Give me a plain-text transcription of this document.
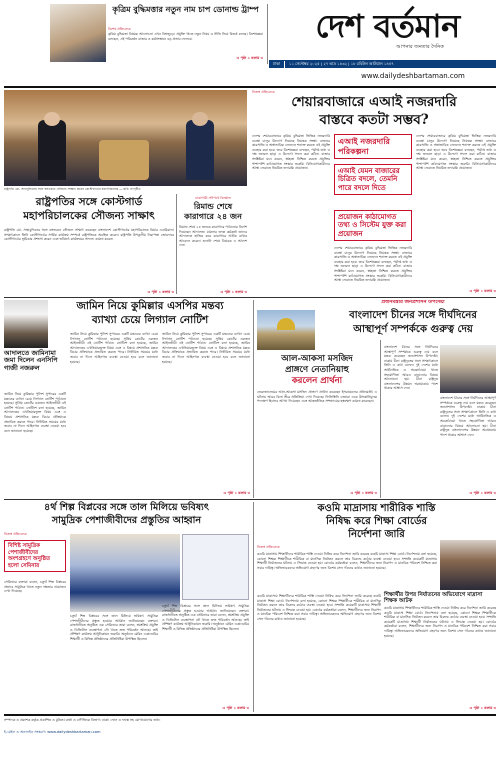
কৃত্রিম বুদ্ধিমত্তার নতুন নাম চাপ ডোনাল্ড ট্রাম্প
বিশেষ প্রতিবেদক
কৃত্রিম বুদ্ধিমত্তা বিষয়ক আলোচনা এখন বিশ্বজুড়ে। প্রযুক্তি খাতে নতুন নিয়ম ও নীতি নিয়ে বিতর্ক চলছে। বিশেষজ্ঞরা বলছেন, এই পরিবর্তন বাজার ও কর্মসংস্থানে বড় প্রভাব ফেলবে।
এ পৃষ্ঠা ২ কলাম ৩
দেশ বর্তমান
আপনার জনতার দৈনিক
ঢাকা	১১ সেপ্টেম্বর ২০২৫ | ২৭ ভাদ্র ১৪৩২ | ১৮ রবিউল আউয়াল ১৪৪৭
www.dailydeshbartaman.com
রাষ্ট্রপতি মো. সাহাবুদ্দিনের সঙ্গে বঙ্গভবনে সৌজন্য সাক্ষাৎ করেন কোস্টগার্ডের মহাপরিচালক — ছবি: সংগৃহীত
নিজস্ব প্রতিবেদক
শেয়ারবাজারে এআই নজরদারি
বাস্তবে কতটা সম্ভব?
দেশের শেয়ারবাজারে কৃত্রিম বুদ্ধিমত্তা ভিত্তিক নজরদারি ব্যবস্থা চালুর উদ্যোগ নিয়েছে নিয়ন্ত্রক সংস্থা। বাজারে কারসাজি ও অস্বাভাবিক লেনদেন শনাক্ত করতে এই প্রযুক্তি ব্যবহার করা হবে। তবে বিশেষজ্ঞরা বলছেন, পর্যাপ্ত তথ্য ও দক্ষ জনবল ছাড়া এ উদ্যোগ সফল করা কঠিন। বাজার সংশ্লিষ্টরা মনে করেন, স্বচ্ছতা নিশ্চিত করতে প্রযুক্তির পাশাপাশি কাঠামোগত সংস্কার জরুরি। বিনিয়োগকারীদের আস্থা ফেরাতে নিয়মিত তদারকি প্রয়োজন।
এআই নজরদারি পরিকল্পনা
এআই যেমন বাজারের চিত্রিত বদলে, তেমনি পারে বদলে দিতে
প্রয়োজন কাঠামোগত তথ্য ও সিস্টেম যুক্ত করা প্রয়োজন
দেশের শেয়ারবাজারে কৃত্রিম বুদ্ধিমত্তা ভিত্তিক নজরদারি ব্যবস্থা চালুর উদ্যোগ নিয়েছে নিয়ন্ত্রক সংস্থা। বাজারে কারসাজি ও অস্বাভাবিক লেনদেন শনাক্ত করতে এই প্রযুক্তি ব্যবহার করা হবে। তবে বিশেষজ্ঞরা বলছেন, পর্যাপ্ত তথ্য ও দক্ষ জনবল ছাড়া এ উদ্যোগ সফল করা কঠিন। বাজার সংশ্লিষ্টরা মনে করেন, স্বচ্ছতা নিশ্চিত করতে প্রযুক্তির পাশাপাশি কাঠামোগত সংস্কার জরুরি। বিনিয়োগকারীদের আস্থা ফেরাতে নিয়মিত তদারকি প্রয়োজন।
দেশের শেয়ারবাজারে কৃত্রিম বুদ্ধিমত্তা ভিত্তিক নজরদারি ব্যবস্থা চালুর উদ্যোগ নিয়েছে নিয়ন্ত্রক সংস্থা। বাজারে কারসাজি ও অস্বাভাবিক লেনদেন শনাক্ত করতে এই প্রযুক্তি ব্যবহার করা হবে। তবে বিশেষজ্ঞরা বলছেন, পর্যাপ্ত তথ্য ও দক্ষ জনবল ছাড়া এ উদ্যোগ সফল করা কঠিন। বাজার সংশ্লিষ্টরা মনে করেন, স্বচ্ছতা নিশ্চিত করতে প্রযুক্তির পাশাপাশি কাঠামোগত সংস্কার জরুরি। বিনিয়োগকারীদের আস্থা ফেরাতে নিয়মিত তদারকি প্রয়োজন।
এ পৃষ্ঠা ২ কলাম ৩
রাষ্ট্রপতির সঙ্গে কোস্টগার্ড
মহাপরিচালকের সৌজন্য সাক্ষাৎ
রাষ্ট্রপতি মো. সাহাবুদ্দিনের সঙ্গে বঙ্গভবনে সৌজন্য সাক্ষাৎ করেছেন বাংলাদেশ কোস্টগার্ডের মহাপরিচালক রিয়ার এডমিরাল। সাক্ষাৎকালে তিনি কোস্টগার্ডের সার্বিক কার্যক্রম সম্পর্কে রাষ্ট্রপতিকে অবহিত করেন। রাষ্ট্রপতি উপকূলীয় নিরাপত্তা জোরদারে কোস্টগার্ডের ভূমিকার প্রশংসা করেন এবং ভবিষ্যৎ কার্যক্রমের সাফল্য কামনা করেন।
এ পৃষ্ঠা ২ কলাম ৩
ঢাকাগামী নদীপথে বিক্ষোভ
রিমান্ড শেষে
কারাগারে ২৪ জন
রিমান্ড শেষে ২৪ জনকে কারাগারে পাঠানোর নির্দেশ দিয়েছেন আদালত। মামলার তদন্ত কর্মকর্তা তাদের আদালতে হাজির করে কারাগারে আটক রাখার আবেদন করেন। শুনানি শেষে বিচারক এ আদেশ দেন।
এ পৃষ্ঠা ২ কলাম ৩
জামিন নিয়ে কুমিল্লার এসপির মন্তব্য
ব্যাখ্যা চেয়ে লিগ্যাল নোটিশ
আদালতে জামিনামা জমা দিলেন এনসিপি গাজী নজরুল
জামিন নিয়ে কুমিল্লার পুলিশ সুপারের একটি মন্তব্যের ব্যাখ্যা চেয়ে লিগ্যাল নোটিশ পাঠানো হয়েছে। সুপ্রিম কোর্টের একজন আইনজীবী এই নোটিশ পাঠান। নোটিশে বলা হয়েছে, জামিন আদালতের এখতিয়ারভুক্ত বিষয় এবং এ বিষয়ে প্রশাসনিক মন্তব্য বিচার প্রক্রিয়াকে প্রভাবিত করতে পারে। নির্ধারিত সময়ের মধ্যে জবাব না দিলে আইনগত ব্যবস্থা নেওয়া হবে বলে জানানো হয়েছে।
জামিন নিয়ে কুমিল্লার পুলিশ সুপারের একটি মন্তব্যের ব্যাখ্যা চেয়ে লিগ্যাল নোটিশ পাঠানো হয়েছে। সুপ্রিম কোর্টের একজন আইনজীবী এই নোটিশ পাঠান। নোটিশে বলা হয়েছে, জামিন আদালতের এখতিয়ারভুক্ত বিষয় এবং এ বিষয়ে প্রশাসনিক মন্তব্য বিচার প্রক্রিয়াকে প্রভাবিত করতে পারে। নির্ধারিত সময়ের মধ্যে জবাব না দিলে আইনগত ব্যবস্থা নেওয়া হবে বলে জানানো হয়েছে।
জামিন নিয়ে কুমিল্লার পুলিশ সুপারের একটি মন্তব্যের ব্যাখ্যা চেয়ে লিগ্যাল নোটিশ পাঠানো হয়েছে। সুপ্রিম কোর্টের একজন আইনজীবী এই নোটিশ পাঠান। নোটিশে বলা হয়েছে, জামিন আদালতের এখতিয়ারভুক্ত বিষয় এবং এ বিষয়ে প্রশাসনিক মন্তব্য বিচার প্রক্রিয়াকে প্রভাবিত করতে পারে। নির্ধারিত সময়ের মধ্যে জবাব না দিলে আইনগত ব্যবস্থা নেওয়া হবে বলে জানানো হয়েছে।
এ পৃষ্ঠা ২ কলাম ৩
আল-আকসা মসজিদ
প্রাঙ্গণে নেতানিয়াহু
করলেন প্রার্থনা
জেরুজালেমের আল-আকসা মসজিদ প্রাঙ্গণে প্রার্থনা করেছেন ইসরায়েলের প্রধানমন্ত্রী। এ ঘটনায় আরব বিশ্বে তীব্র প্রতিক্রিয়া দেখা দিয়েছে। ফিলিস্তিনি নেতারা একে উসকানিমূলক পদক্ষেপ হিসেবে আখ্যা দিয়েছেন এবং আন্তর্জাতিক সম্প্রদায়ের হস্তক্ষেপ কামনা করেছেন।
এ পৃষ্ঠা ২ কলাম ৩
প্রধানমন্ত্রীর জনপ্রশাসন উপদেষ্টা
বাংলাদেশ চীনের সঙ্গে দীর্ঘদিনের
আস্থাপূর্ণ সম্পর্ককে গুরুত্ব দেয়
বাংলাদেশ চীনের সঙ্গে দীর্ঘদিনের আস্থাপূর্ণ সম্পর্ককে গুরুত্ব দেয় বলে মন্তব্য করেছেন জনপ্রশাসন উপদেষ্টা। ঢাকায় চীনা রাষ্ট্রদূতের সঙ্গে সাক্ষাৎকালে তিনি এ কথা বলেন। দুই দেশের মধ্যে অর্থনৈতিক ও অবকাঠামো খাতে সহযোগিতা আরও বাড়ানোর বিষয়ে আলোচনা হয়। চীনা রাষ্ট্রদূত বাংলাদেশের উন্নয়ন অগ্রযাত্রায় পাশে থাকার আশ্বাস দেন।
বাংলাদেশ চীনের সঙ্গে দীর্ঘদিনের আস্থাপূর্ণ সম্পর্ককে গুরুত্ব দেয় বলে মন্তব্য করেছেন জনপ্রশাসন উপদেষ্টা। ঢাকায় চীনা রাষ্ট্রদূতের সঙ্গে সাক্ষাৎকালে তিনি এ কথা বলেন। দুই দেশের মধ্যে অর্থনৈতিক ও অবকাঠামো খাতে সহযোগিতা আরও বাড়ানোর বিষয়ে আলোচনা হয়। চীনা রাষ্ট্রদূত বাংলাদেশের উন্নয়ন অগ্রযাত্রায় পাশে থাকার আশ্বাস দেন।
এ পৃষ্ঠা ২ কলাম ৩
৪র্থ শিল্প বিপ্লবের সঙ্গে তাল মিলিয়ে ভবিষ্যৎ
সামুদ্রিক পেশাজীবীদের প্রস্তুতির আহ্বান
নিজস্ব প্রতিবেদক
বিশিষ্ট সামুদ্রিক পেশাজীবীদের অংশগ্রহণে অনুষ্ঠিত হলো সেমিনার
সেমিনারে বক্তারা বলেন, চতুর্থ শিল্প বিপ্লবের প্রভাবে সামুদ্রিক খাতে নতুন দক্ষতার প্রয়োজন দেখা দিয়েছে।
চতুর্থ শিল্প বিপ্লবের সঙ্গে তাল মিলিয়ে ভবিষ্যৎ সামুদ্রিক পেশাজীবীদের প্রস্তুত হওয়ার আহ্বান জানিয়েছেন বক্তারা। রাজধানীতে অনুষ্ঠিত এক সেমিনারে তারা বলেন, স্বয়ংক্রিয় প্রযুক্তি ও ডিজিটাল ব্যবস্থাপনা নৌ খাতে দ্রুত পরিবর্তন আনছে। তাই প্রশিক্ষণ কার্যক্রম আধুনিকায়ন জরুরি। অনুষ্ঠানে মেরিন একাডেমির শিক্ষার্থী ও বিভিন্ন প্রতিষ্ঠানের প্রতিনিধিরা উপস্থিত ছিলেন।
চতুর্থ শিল্প বিপ্লবের সঙ্গে তাল মিলিয়ে ভবিষ্যৎ সামুদ্রিক পেশাজীবীদের প্রস্তুত হওয়ার আহ্বান জানিয়েছেন বক্তারা। রাজধানীতে অনুষ্ঠিত এক সেমিনারে তারা বলেন, স্বয়ংক্রিয় প্রযুক্তি ও ডিজিটাল ব্যবস্থাপনা নৌ খাতে দ্রুত পরিবর্তন আনছে। তাই প্রশিক্ষণ কার্যক্রম আধুনিকায়ন জরুরি। অনুষ্ঠানে মেরিন একাডেমির শিক্ষার্থী ও বিভিন্ন প্রতিষ্ঠানের প্রতিনিধিরা উপস্থিত ছিলেন।
এ পৃষ্ঠা ২ কলাম ৩
কওমি মাদ্রাসায় শারীরিক শাস্তি
নিষিদ্ধ করে শিক্ষা বোর্ডের
নির্দেশনা জারি
নিজস্ব প্রতিবেদক
শিক্ষার্থীর উপর নির্যাতনের অভিযোগে মাদ্রাসা শিক্ষক আটক
কওমি মাদ্রাসায় শিক্ষার্থীদের শারীরিক শাস্তি দেওয়া নিষিদ্ধ করে নির্দেশনা জারি করেছে কওমি মাদ্রাসা শিক্ষা বোর্ড। নির্দেশনায় বলা হয়েছে, কোনো শিক্ষক শিক্ষার্থীকে শারীরিক বা মানসিক নির্যাতন করলে তার বিরুদ্ধে কঠোর ব্যবস্থা নেওয়া হবে। সম্প্রতি কয়েকটি মাদ্রাসায় শিক্ষার্থী নির্যাতনের ঘটনায় এ সিদ্ধান্ত নেওয়া হয়। বোর্ডের কর্মকর্তারা বলেন, শিক্ষার্থীদের জন্য নিরাপদ ও মানবিক পরিবেশ নিশ্চিত করা সবার দায়িত্ব। অভিভাবকদের অভিযোগ গ্রহণের জন্য বিশেষ সেল গঠনের কথাও জানানো হয়েছে।
কওমি মাদ্রাসায় শিক্ষার্থীদের শারীরিক শাস্তি দেওয়া নিষিদ্ধ করে নির্দেশনা জারি করেছে কওমি মাদ্রাসা শিক্ষা বোর্ড। নির্দেশনায় বলা হয়েছে, কোনো শিক্ষক শিক্ষার্থীকে শারীরিক বা মানসিক নির্যাতন করলে তার বিরুদ্ধে কঠোর ব্যবস্থা নেওয়া হবে। সম্প্রতি কয়েকটি মাদ্রাসায় শিক্ষার্থী নির্যাতনের ঘটনায় এ সিদ্ধান্ত নেওয়া হয়। বোর্ডের কর্মকর্তারা বলেন, শিক্ষার্থীদের জন্য নিরাপদ ও মানবিক পরিবেশ নিশ্চিত করা সবার দায়িত্ব। অভিভাবকদের অভিযোগ গ্রহণের জন্য বিশেষ সেল গঠনের কথাও জানানো হয়েছে।
কওমি মাদ্রাসায় শিক্ষার্থীদের শারীরিক শাস্তি দেওয়া নিষিদ্ধ করে নির্দেশনা জারি করেছে কওমি মাদ্রাসা শিক্ষা বোর্ড। নির্দেশনায় বলা হয়েছে, কোনো শিক্ষক শিক্ষার্থীকে শারীরিক বা মানসিক নির্যাতন করলে তার বিরুদ্ধে কঠোর ব্যবস্থা নেওয়া হবে। সম্প্রতি কয়েকটি মাদ্রাসায় শিক্ষার্থী নির্যাতনের ঘটনায় এ সিদ্ধান্ত নেওয়া হয়। বোর্ডের কর্মকর্তারা বলেন, শিক্ষার্থীদের জন্য নিরাপদ ও মানবিক পরিবেশ নিশ্চিত করা সবার দায়িত্ব। অভিভাবকদের অভিযোগ গ্রহণের জন্য বিশেষ সেল গঠনের কথাও জানানো হয়েছে।
এ পৃষ্ঠা ২ কলাম ৩
সম্পাদক ও প্রকাশক কর্তৃক প্রকাশিত ও মুদ্রিত। বার্তা ও বাণিজ্যিক বিভাগ: ঢাকা। ফোন ও ফ্যাক্স সহ যোগাযোগের তথ্য।
ই-মেইল ও অনলাইন সংস্করণ: www.dailydeshbartaman.com
